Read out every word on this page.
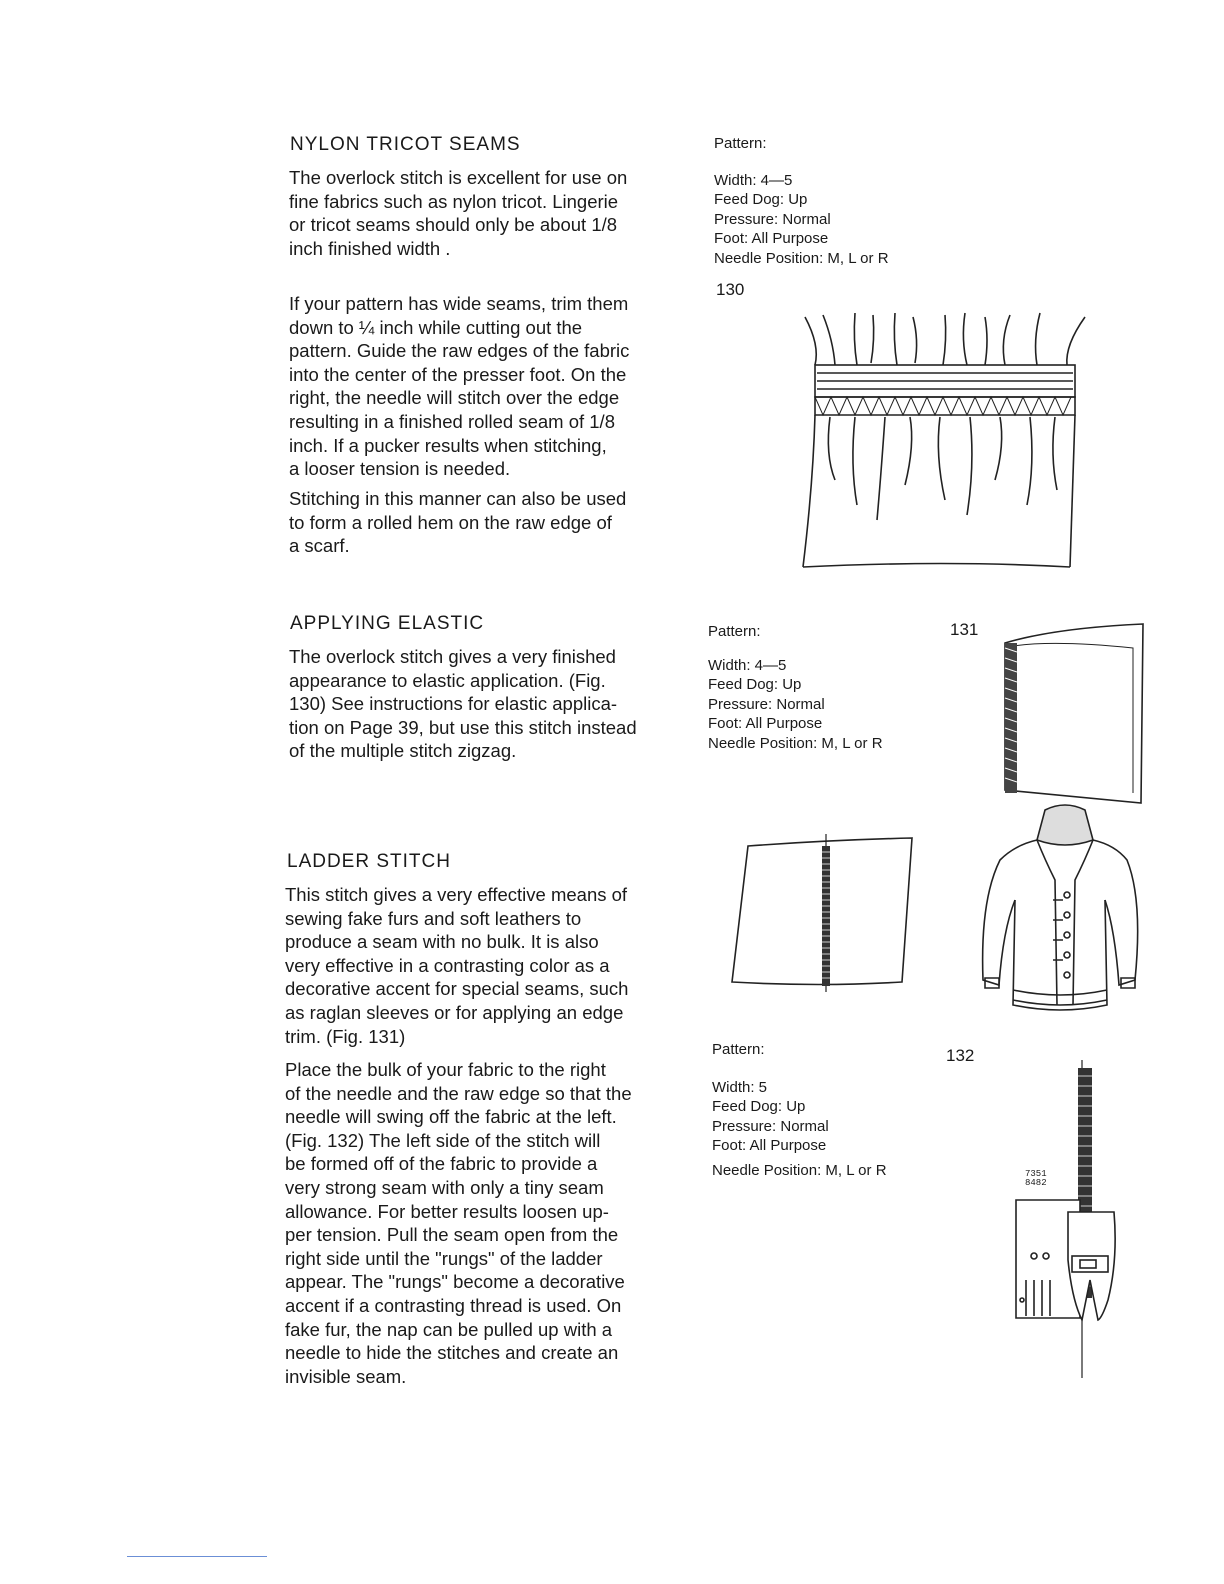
NYLON TRICOT SEAMS
The overlock stitch is excellent for use on
fine fabrics such as nylon tricot. Lingerie
or tricot seams should only be about 1/8
inch finished width .
If your pattern has wide seams, trim them
down to ¼ inch while cutting out the
pattern. Guide the raw edges of the fabric
into the center of the presser foot. On the
right, the needle will stitch over the edge
resulting in a finished rolled seam of 1/8
inch. If a pucker results when stitching,
a looser tension is needed.
Stitching in this manner can also be used
to form a rolled hem on the raw edge of
a scarf.
Pattern:
Width: 4—5
Feed Dog: Up
Pressure: Normal
Foot: All Purpose
Needle Position: M, L or R
130
APPLYING ELASTIC
The overlock stitch gives a very finished
appearance to elastic application. (Fig.
130) See instructions for elastic applica-
tion on Page 39, but use this stitch instead
of the multiple stitch zigzag.
Pattern:
Width: 4—5
Feed Dog: Up
Pressure: Normal
Foot: All Purpose
Needle Position: M, L or R
131
LADDER STITCH
This stitch gives a very effective means of
sewing fake furs and soft leathers to
produce a seam with no bulk. It is also
very effective in a contrasting color as a
decorative accent for special seams, such
as raglan sleeves or for applying an edge
trim. (Fig. 131)
Place the bulk of your fabric to the right
of the needle and the raw edge so that the
needle will swing off the fabric at the left.
(Fig. 132) The left side of the stitch will
be formed off of the fabric to provide a
very strong seam with only a tiny seam
allowance. For better results loosen up-
per tension. Pull the seam open from the
right side until the "rungs" of the ladder
appear. The "rungs" become a decorative
accent if a contrasting thread is used. On
fake fur, the nap can be pulled up with a
needle to hide the stitches and create an
invisible seam.
Pattern:
Width: 5
Feed Dog: Up
Pressure: Normal
Foot: All Purpose
Needle Position: M, L or R
132
7351
8482
